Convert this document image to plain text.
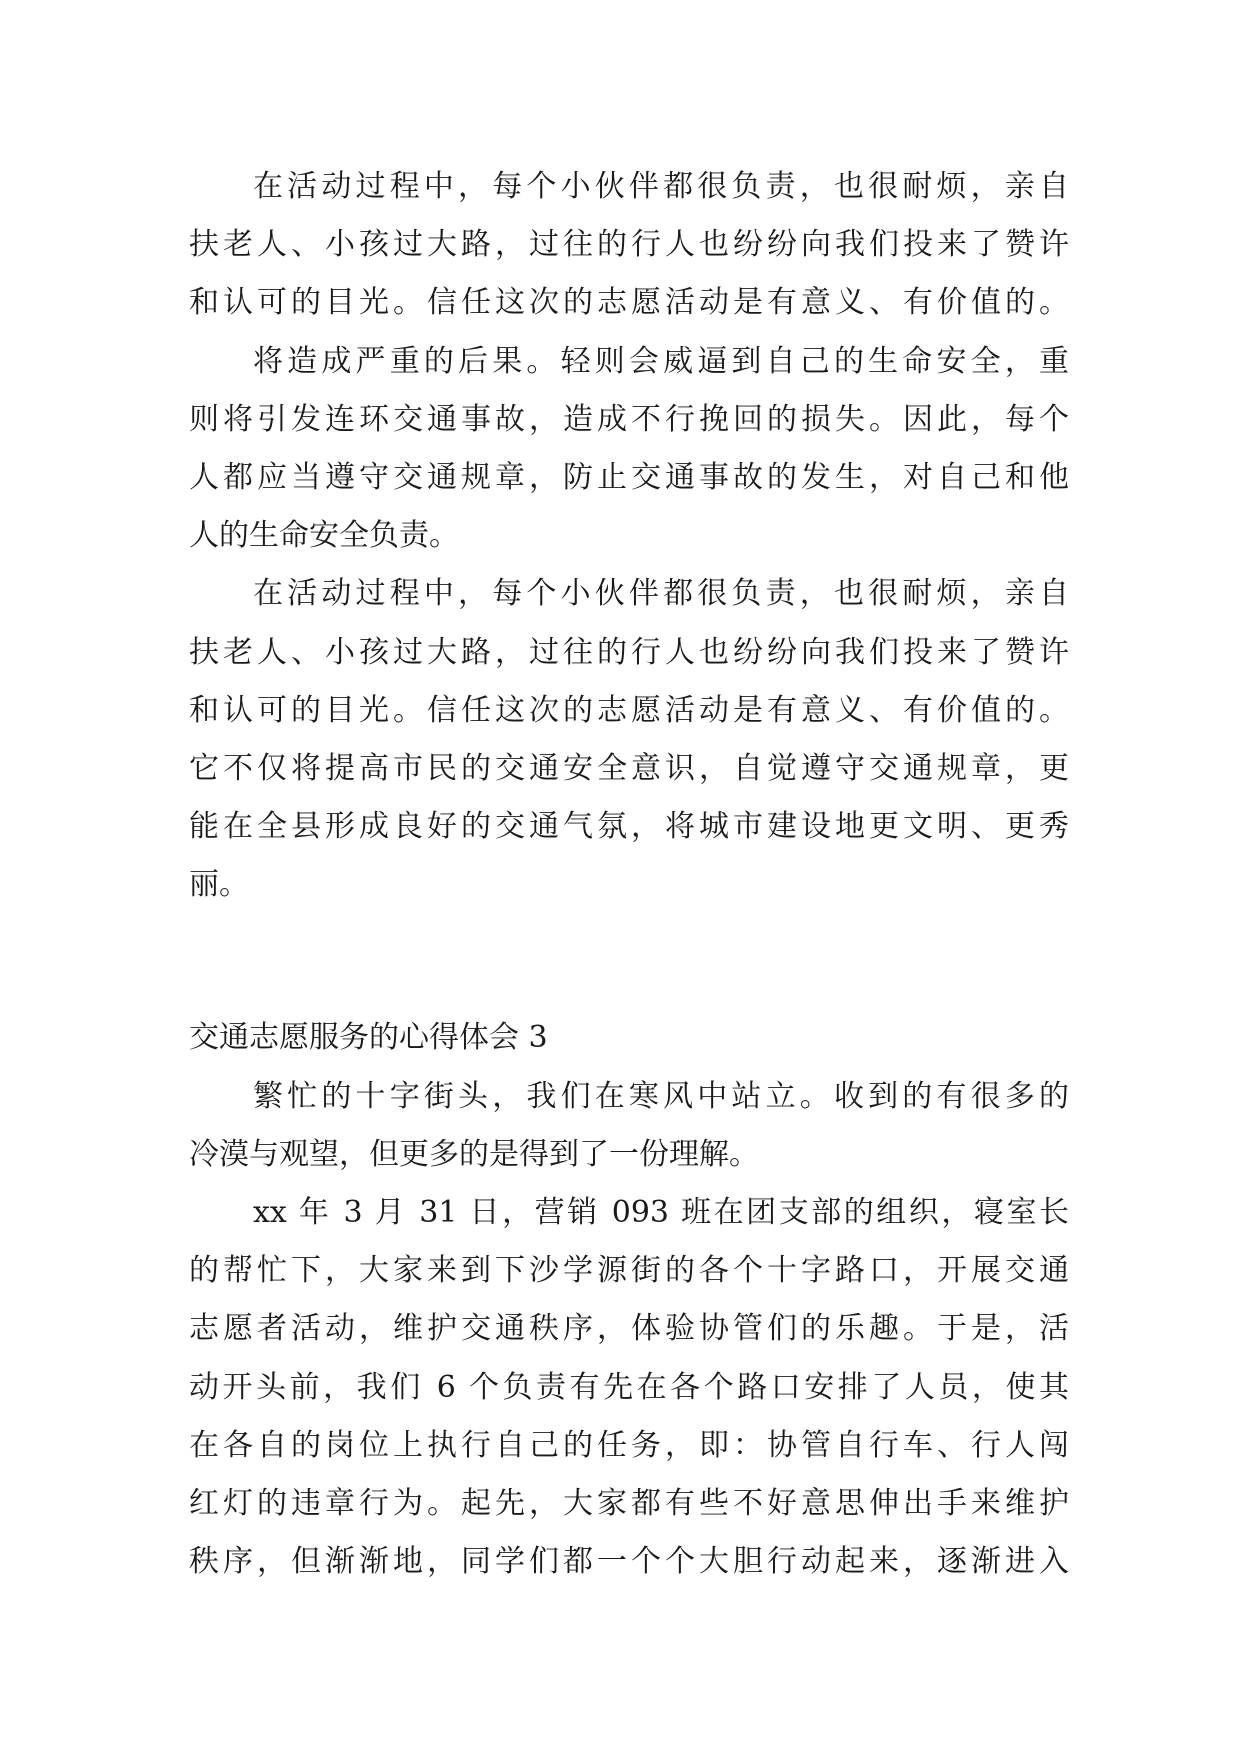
在活动过程中，每个小伙伴都很负责，也很耐烦，亲自
扶老人、小孩过大路，过往的行人也纷纷向我们投来了赞许
和认可的目光。信任这次的志愿活动是有意义、有价值的。
将造成严重的后果。轻则会威逼到自己的生命安全，重
则将引发连环交通事故，造成不行挽回的损失。因此，每个
人都应当遵守交通规章，防止交通事故的发生，对自己和他
人的生命安全负责。
在活动过程中，每个小伙伴都很负责，也很耐烦，亲自
扶老人、小孩过大路，过往的行人也纷纷向我们投来了赞许
和认可的目光。信任这次的志愿活动是有意义、有价值的。
它不仅将提高市民的交通安全意识，自觉遵守交通规章，更
能在全县形成良好的交通气氛，将城市建设地更文明、更秀
丽。
交通志愿服务的心得体会 3
繁忙的十字街头，我们在寒风中站立。收到的有很多的
冷漠与观望，但更多的是得到了一份理解。
xx 年 3 月 31 日，营销 093 班在团支部的组织，寝室长
的帮忙下，大家来到下沙学源街的各个十字路口，开展交通
志愿者活动，维护交通秩序，体验协管们的乐趣。于是，活
动开头前，我们 6 个负责有先在各个路口安排了人员，使其
在各自的岗位上执行自己的任务，即：协管自行车、行人闯
红灯的违章行为。起先，大家都有些不好意思伸出手来维护
秩序，但渐渐地，同学们都一个个大胆行动起来，逐渐进入
